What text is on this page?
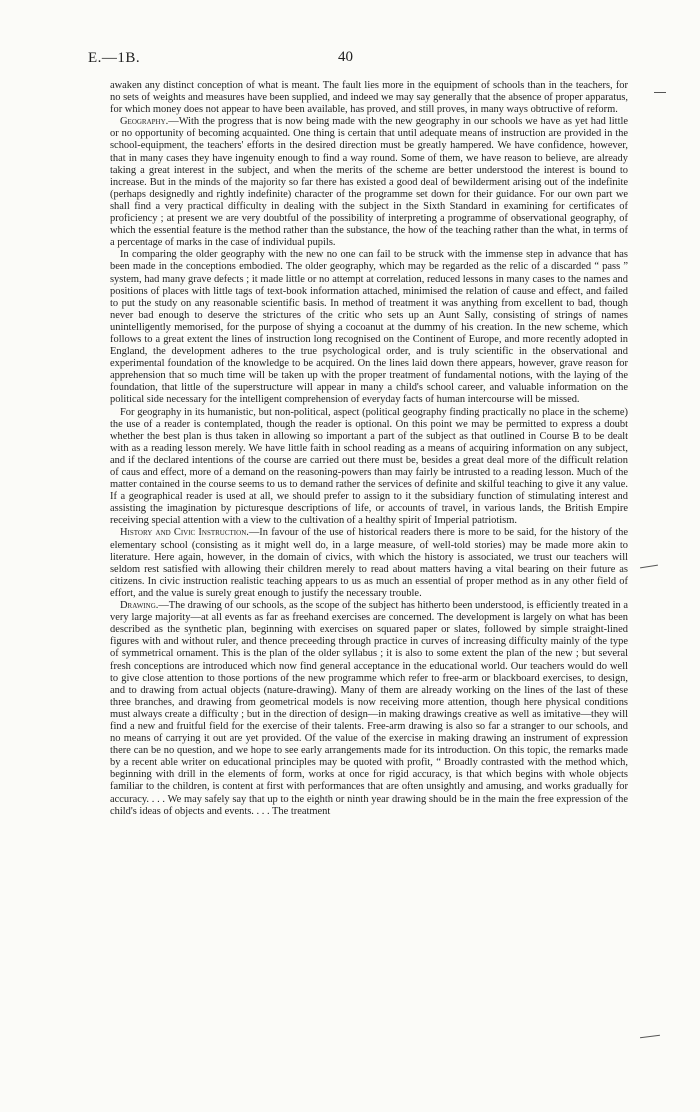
E.—1B.	40

awaken any distinct conception of what is meant. The fault lies more in the equipment of schools than in the teachers, for no sets of weights and measures have been supplied, and indeed we may say generally that the absence of proper apparatus, for which money does not appear to have been available, has proved, and still proves, in many ways obtructive of reform.

Geography.—With the progress that is now being made with the new geography in our schools we have as yet had little or no opportunity of becoming acquainted. One thing is certain that until adequate means of instruction are provided in the school-equipment, the teachers' efforts in the desired direction must be greatly hampered. We have confidence, however, that in many cases they have ingenuity enough to find a way round. Some of them, we have reason to believe, are already taking a great interest in the subject, and when the merits of the scheme are better understood the interest is bound to increase. But in the minds of the majority so far there has existed a good deal of bewilderment arising out of the indefinite (perhaps designedly and rightly indefinite) character of the programme set down for their guidance. For our own part we shall find a very practical difficulty in dealing with the subject in the Sixth Standard in examining for certificates of proficiency ; at present we are very doubtful of the possibility of interpreting a programme of observational geography, of which the essential feature is the method rather than the substance, the how of the teaching rather than the what, in terms of a percentage of marks in the case of individual pupils.

In comparing the older geography with the new no one can fail to be struck with the immense step in advance that has been made in the conceptions embodied. The older geography, which may be regarded as the relic of a discarded “ pass ” system, had many grave defects ; it made little or no attempt at correlation, reduced lessons in many cases to the names and positions of places with little tags of text-book information attached, minimised the relation of cause and effect, and failed to put the study on any reasonable scientific basis. In method of treatment it was anything from excellent to bad, though never bad enough to deserve the strictures of the critic who sets up an Aunt Sally, consisting of strings of names unintelligently memorised, for the purpose of shying a cocoanut at the dummy of his creation. In the new scheme, which follows to a great extent the lines of instruction long recognised on the Continent of Europe, and more recently adopted in England, the development adheres to the true psychological order, and is truly scientific in the observational and experimental foundation of the knowledge to be acquired. On the lines laid down there appears, however, grave reason for apprehension that so much time will be taken up with the proper treatment of fundamental notions, with the laying of the foundation, that little of the superstructure will appear in many a child's school career, and valuable information on the political side necessary for the intelligent comprehension of everyday facts of human intercourse will be missed.

For geography in its humanistic, but non-political, aspect (political geography finding practically no place in the scheme) the use of a reader is contemplated, though the reader is optional. On this point we may be permitted to express a doubt whether the best plan is thus taken in allowing so important a part of the subject as that outlined in Course B to be dealt with as a reading lesson merely. We have little faith in school reading as a means of acquiring information on any subject, and if the declared intentions of the course are carried out there must be, besides a great deal more of the difficult relation of caus and effect, more of a demand on the reasoning-powers than may fairly be intrusted to a reading lesson. Much of the matter contained in the course seems to us to demand rather the services of definite and skilful teaching to give it any value. If a geographical reader is used at all, we should prefer to assign to it the subsidiary function of stimulating interest and assisting the imagination by picturesque descriptions of life, or accounts of travel, in various lands, the British Empire receiving special attention with a view to the cultivation of a healthy spirit of Imperial patriotism.

History and Civic Instruction.—In favour of the use of historical readers there is more to be said, for the history of the elementary school (consisting as it might well do, in a large measure, of well-told stories) may be made more akin to literature. Here again, however, in the domain of civics, with which the history is associated, we trust our teachers will seldom rest satisfied with allowing their children merely to read about matters having a vital bearing on their future as citizens. In civic instruction realistic teaching appears to us as much an essential of proper method as in any other field of effort, and the value is surely great enough to justify the necessary trouble.

Drawing.—The drawing of our schools, as the scope of the subject has hitherto been understood, is efficiently treated in a very large majority—at all events as far as freehand exercises are concerned. The development is largely on what has been described as the synthetic plan, beginning with exercises on squared paper or slates, followed by simple straight-lined figures with and without ruler, and thence preceeding through practice in curves of increasing difficulty mainly of the type of symmetrical ornament. This is the plan of the older syllabus ; it is also to some extent the plan of the new ; but several fresh conceptions are introduced which now find general acceptance in the educational world. Our teachers would do well to give close attention to those portions of the new programme which refer to free-arm or blackboard exercises, to design, and to drawing from actual objects (nature-drawing). Many of them are already working on the lines of the last of these three branches, and drawing from geometrical models is now receiving more attention, though here physical conditions must always create a difficulty ; but in the direction of design—in making drawings creative as well as imitative—they will find a new and fruitful field for the exercise of their talents. Free-arm drawing is also so far a stranger to our schools, and no means of carrying it out are yet provided. Of the value of the exercise in making drawing an instrument of expression there can be no question, and we hope to see early arrangements made for its introduction. On this topic, the remarks made by a recent able writer on educational principles may be quoted with profit, “ Broadly contrasted with the method which, beginning with drill in the elements of form, works at once for rigid accuracy, is that which begins with whole objects familiar to the children, is content at first with performances that are often unsightly and amusing, and works gradually for accuracy. . . . We may safely say that up to the eighth or ninth year drawing should be in the main the free expression of the child's ideas of objects and events. . . . The treatment
